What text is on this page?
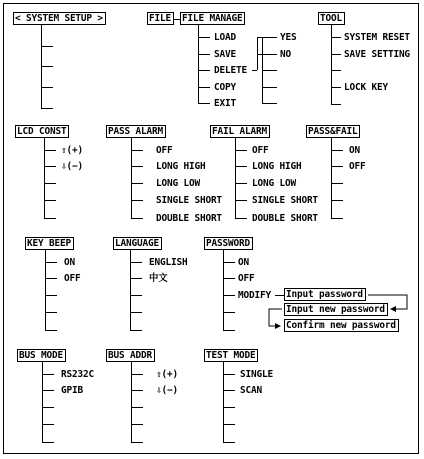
< SYSTEM SETUP >	FILE	FILE MANAGE
LOAD
SAVE
DELETE
COPY
EXIT
YES
NO
TOOL
SYSTEM RESET
SAVE SETTING
LOCK KEY
LCD CONST
⇧(+)
⇩(−)
PASS ALARM
OFF
LONG HIGH
LONG LOW
SINGLE SHORT
DOUBLE SHORT
FAIL ALARM
OFF
LONG HIGH
LONG LOW
SINGLE SHORT
DOUBLE SHORT
PASS&FAIL
ON
OFF
KEY BEEP
ON
OFF
LANGUAGE
ENGLISH
中文
PASSWORD
ON
OFF
MODIFY Input password
Input new password
Confirm new password
BUS MODE
RS232C
GPIB
BUS ADDR
⇧(+)
⇩(−)
TEST MODE
SINGLE
SCAN
